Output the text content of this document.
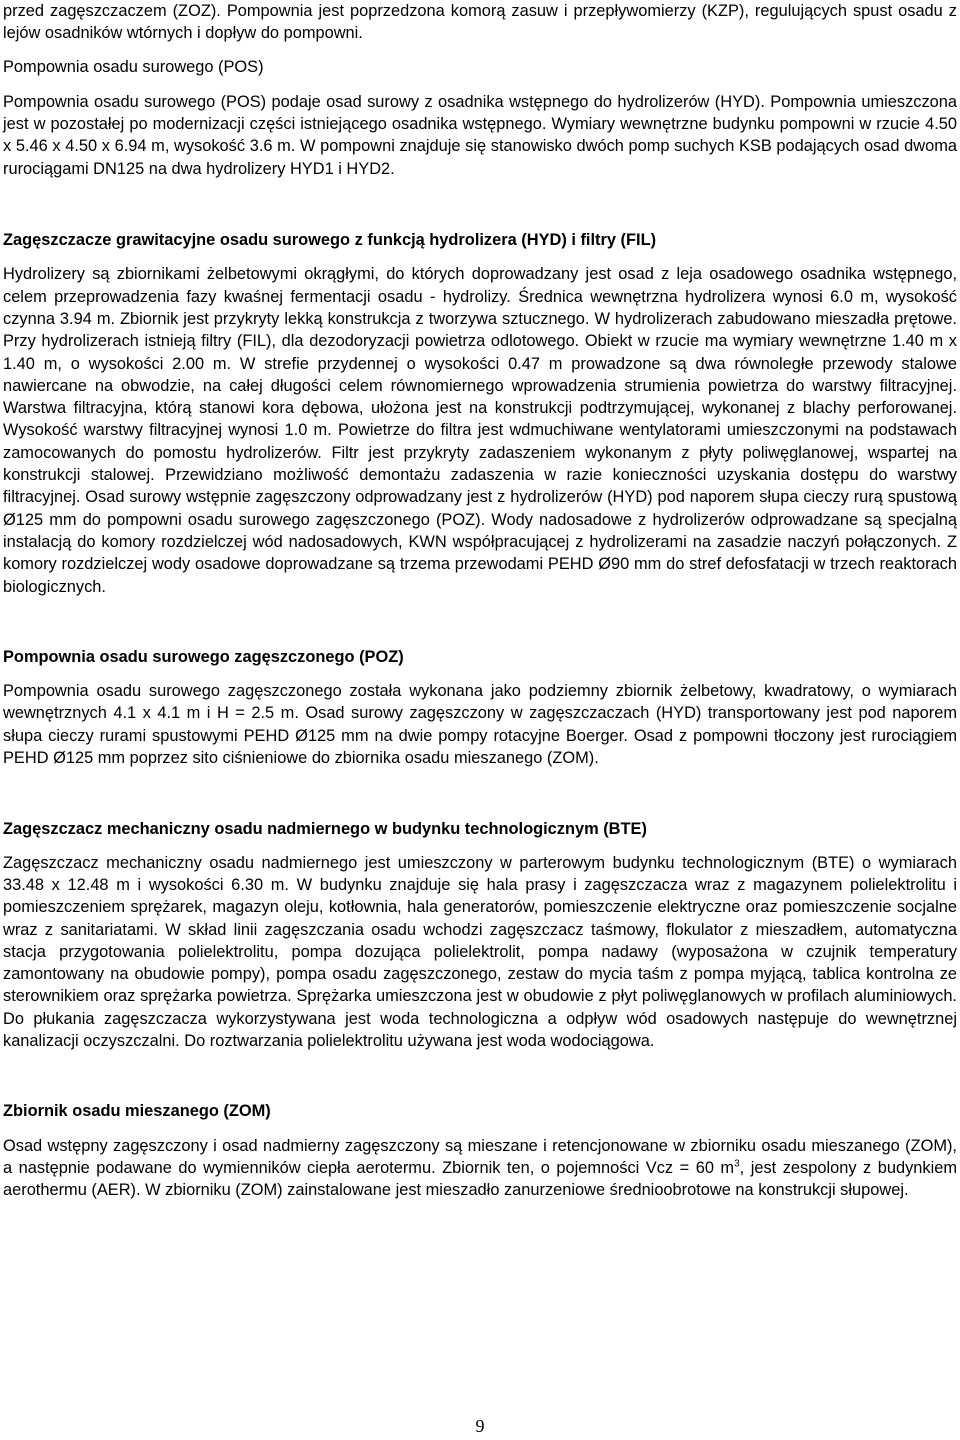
przed zagęszczaczem (ZOZ). Pompownia jest poprzedzona komorą zasuw i przepływomierzy (KZP), regulujących spust osadu z lejów osadników wtórnych i dopływ do pompowni.

Pompownia osadu surowego (POS)

Pompownia osadu surowego (POS) podaje osad surowy z osadnika wstępnego do hydrolizerów (HYD). Pompownia umieszczona jest w pozostałej po modernizacji części istniejącego osadnika wstępnego. Wymiary wewnętrzne budynku pompowni w rzucie 4.50 x 5.46 x 4.50 x 6.94 m, wysokość 3.6 m. W pompowni znajduje się stanowisko dwóch pomp suchych KSB podających osad dwoma rurociągami DN125 na dwa hydrolizery HYD1 i HYD2.

Zagęszczacze grawitacyjne osadu surowego z funkcją hydrolizera (HYD) i filtry (FIL)

Hydrolizery są zbiornikami żelbetowymi okrągłymi, do których doprowadzany jest osad z leja osadowego osadnika wstępnego, celem przeprowadzenia fazy kwaśnej fermentacji osadu - hydrolizy. Średnica wewnętrzna hydrolizera wynosi 6.0 m, wysokość czynna 3.94 m. Zbiornik jest przykryty lekką konstrukcja z tworzywa sztucznego. W hydrolizerach zabudowano mieszadła prętowe. Przy hydrolizerach istnieją filtry (FIL), dla dezodoryzacji powietrza odlotowego. Obiekt w rzucie ma wymiary wewnętrzne 1.40 m x 1.40 m, o wysokości 2.00 m. W strefie przydennej o wysokości 0.47 m prowadzone są dwa równoległe przewody stalowe nawiercane na obwodzie, na całej długości celem równomiernego wprowadzenia strumienia powietrza do warstwy filtracyjnej. Warstwa filtracyjna, którą stanowi kora dębowa, ułożona jest na konstrukcji podtrzymującej, wykonanej z blachy perforowanej. Wysokość warstwy filtracyjnej wynosi 1.0 m. Powietrze do filtra jest wdmuchiwane wentylatorami umieszczonymi na podstawach zamocowanych do pomostu hydrolizerów. Filtr jest przykryty zadaszeniem wykonanym z płyty poliwęglanowej, wspartej na konstrukcji stalowej. Przewidziano możliwość demontażu zadaszenia w razie konieczności uzyskania dostępu do warstwy filtracyjnej. Osad surowy wstępnie zagęszczony odprowadzany jest z hydrolizerów (HYD) pod naporem słupa cieczy rurą spustową Ø125 mm do pompowni osadu surowego zagęszczonego (POZ). Wody nadosadowe z hydrolizerów odprowadzane są specjalną instalacją do komory rozdzielczej wód nadosadowych, KWN współpracującej z hydrolizerami na zasadzie naczyń połączonych. Z komory rozdzielczej wody osadowe doprowadzane są trzema przewodami PEHD Ø90 mm do stref defosfatacji w trzech reaktorach biologicznych.

Pompownia osadu surowego zagęszczonego (POZ)

Pompownia osadu surowego zagęszczonego została wykonana jako podziemny zbiornik żelbetowy, kwadratowy, o wymiarach wewnętrznych 4.1 x 4.1 m i H = 2.5 m. Osad surowy zagęszczony w zagęszczaczach (HYD) transportowany jest pod naporem słupa cieczy rurami spustowymi PEHD Ø125 mm na dwie pompy rotacyjne Boerger. Osad z pompowni tłoczony jest rurociągiem PEHD Ø125 mm poprzez sito ciśnieniowe do zbiornika osadu mieszanego (ZOM).

Zagęszczacz mechaniczny osadu nadmiernego w budynku technologicznym (BTE)

Zagęszczacz mechaniczny osadu nadmiernego jest umieszczony w parterowym budynku technologicznym (BTE) o wymiarach 33.48 x 12.48 m i wysokości 6.30 m. W budynku znajduje się hala prasy i zagęszczacza wraz z magazynem polielektrolitu i pomieszczeniem sprężarek, magazyn oleju, kotłownia, hala generatorów, pomieszczenie elektryczne oraz pomieszczenie socjalne wraz z sanitariatami. W skład linii zagęszczania osadu wchodzi zagęszczacz taśmowy, flokulator z mieszadłem, automatyczna stacja przygotowania polielektrolitu, pompa dozująca polielektrolit, pompa nadawy (wyposażona w czujnik temperatury zamontowany na obudowie pompy), pompa osadu zagęszczonego, zestaw do mycia taśm z pompa myjącą, tablica kontrolna ze sterownikiem oraz sprężarka powietrza. Sprężarka umieszczona jest w obudowie z płyt poliwęglanowych w profilach aluminiowych. Do płukania zagęszczacza wykorzystywana jest woda technologiczna a odpływ wód osadowych następuje do wewnętrznej kanalizacji oczyszczalni. Do roztwarzania polielektrolitu używana jest woda wodociągowa.

Zbiornik osadu mieszanego (ZOM)

Osad wstępny zagęszczony i osad nadmierny zagęszczony są mieszane i retencjonowane w zbiorniku osadu mieszanego (ZOM), a następnie podawane do wymienników ciepła aerotermu. Zbiornik ten, o pojemności Vcz = 60 $m^3$, jest zespolony z budynkiem aerothermu (AER). W zbiorniku (ZOM) zainstalowane jest mieszadło zanurzeniowe średnioobrotowe na konstrukcji słupowej.

9
